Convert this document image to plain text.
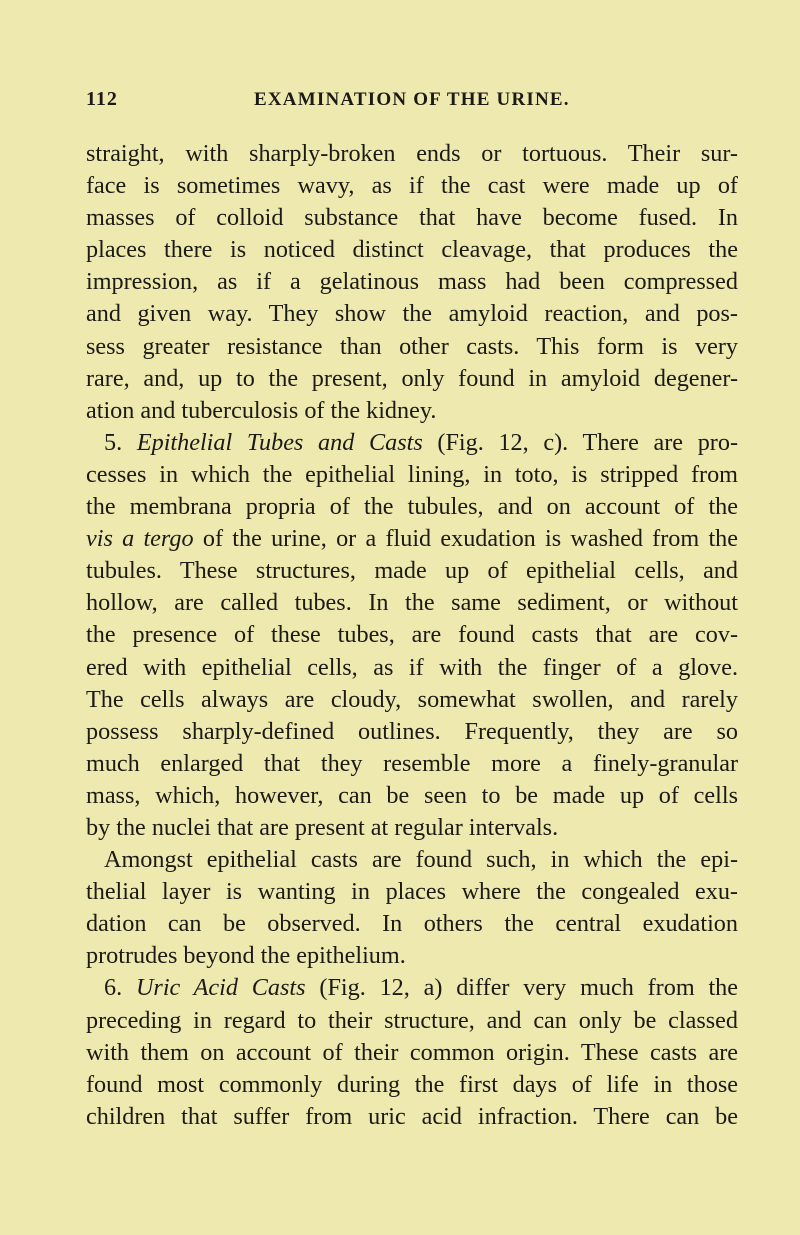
112	EXAMINATION OF THE URINE.
straight, with sharply-broken ends or tortuous. Their sur-
face is sometimes wavy, as if the cast were made up of
masses of colloid substance that have become fused. In
places there is noticed distinct cleavage, that produces the
impression, as if a gelatinous mass had been compressed
and given way. They show the amyloid reaction, and pos-
sess greater resistance than other casts. This form is very
rare, and, up to the present, only found in amyloid degener-
ation and tuberculosis of the kidney.
5. Epithelial Tubes and Casts (Fig. 12, c). There are pro-
cesses in which the epithelial lining, in toto, is stripped from
the membrana propria of the tubules, and on account of the
vis a tergo of the urine, or a fluid exudation is washed from the
tubules. These structures, made up of epithelial cells, and
hollow, are called tubes. In the same sediment, or without
the presence of these tubes, are found casts that are cov-
ered with epithelial cells, as if with the finger of a glove.
The cells always are cloudy, somewhat swollen, and rarely
possess sharply-defined outlines. Frequently, they are so
much enlarged that they resemble more a finely-granular
mass, which, however, can be seen to be made up of cells
by the nuclei that are present at regular intervals.
Amongst epithelial casts are found such, in which the epi-
thelial layer is wanting in places where the congealed exu-
dation can be observed. In others the central exudation
protrudes beyond the epithelium.
6. Uric Acid Casts (Fig. 12, a) differ very much from the
preceding in regard to their structure, and can only be classed
with them on account of their common origin. These casts are
found most commonly during the first days of life in those
children that suffer from uric acid infraction. There can be
